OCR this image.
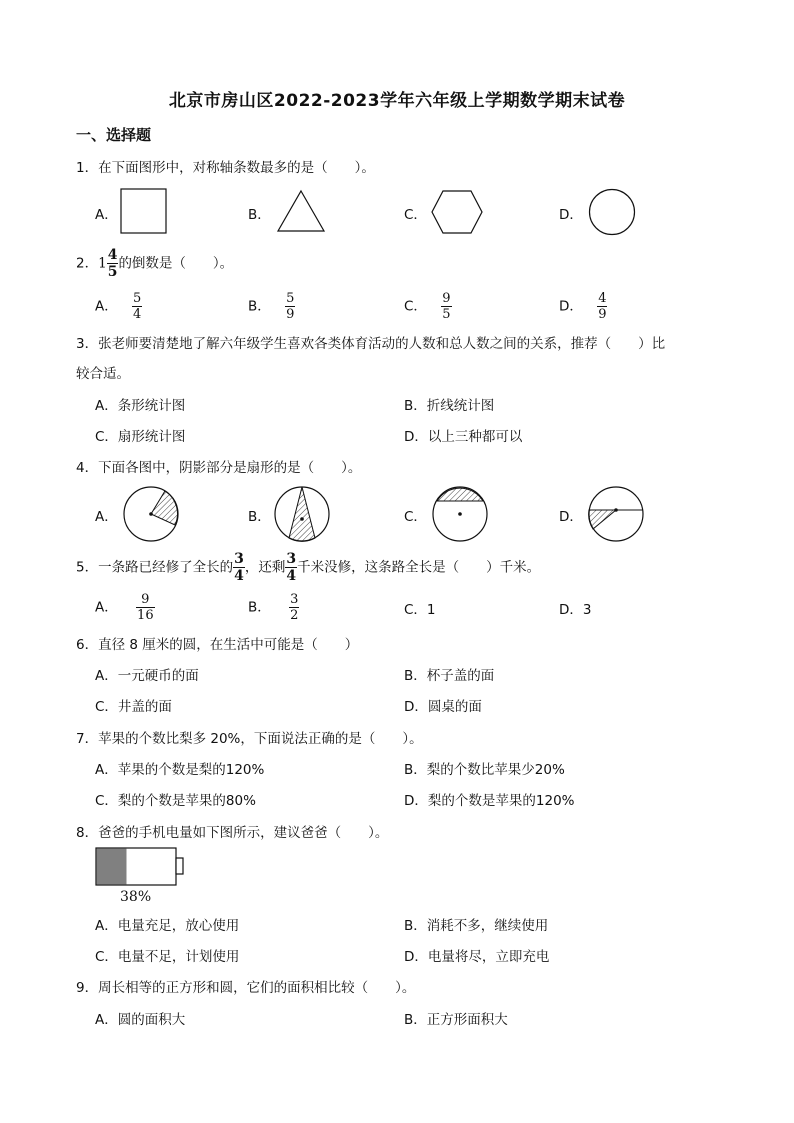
北京市房山区2022-2023学年六年级上学期数学期末试卷
一、选择题
1．在下面图形中，对称轴条数最多的是（　　）。
A．	B．	C．	D．
2．$1 \frac{4}{5}$ 的倒数是（　　）。
A． $\frac{5}{4}$	B． $\frac{5}{9}$	C． $\frac{9}{5}$	D． $\frac{4}{9}$
3．张老师要清楚地了解六年级学生喜欢各类体育活动的人数和总人数之间的关系，推荐（　　）比
较合适。
A．条形统计图	B．折线统计图
C．扇形统计图	D．以上三种都可以
4．下面各图中，阴影部分是扇形的是（　　）。
A．	B．	C．	D．
5．一条路已经修了全长的 $\frac{3}{4}$ ，还剩 $\frac{3}{4}$ 千米没修，这条路全长是（　　）千米。
A． $\frac{9}{16}$	B． $\frac{3}{2}$	C．1	D．3
6．直径 8 厘米的圆，在生活中可能是（　　）
A．一元硬币的面	B．杯子盖的面
C．井盖的面	D．圆桌的面
7．苹果的个数比梨多 20%，下面说法正确的是（　　）。
A．苹果的个数是梨的120%	B．梨的个数比苹果少20%
C．梨的个数是苹果的80%	D．梨的个数是苹果的120%
8．爸爸的手机电量如下图所示，建议爸爸（　　）。
38%
A．电量充足，放心使用	B．消耗不多，继续使用
C．电量不足，计划使用	D．电量将尽，立即充电
9．周长相等的正方形和圆，它们的面积相比较（　　）。
A．圆的面积大	B．正方形面积大
